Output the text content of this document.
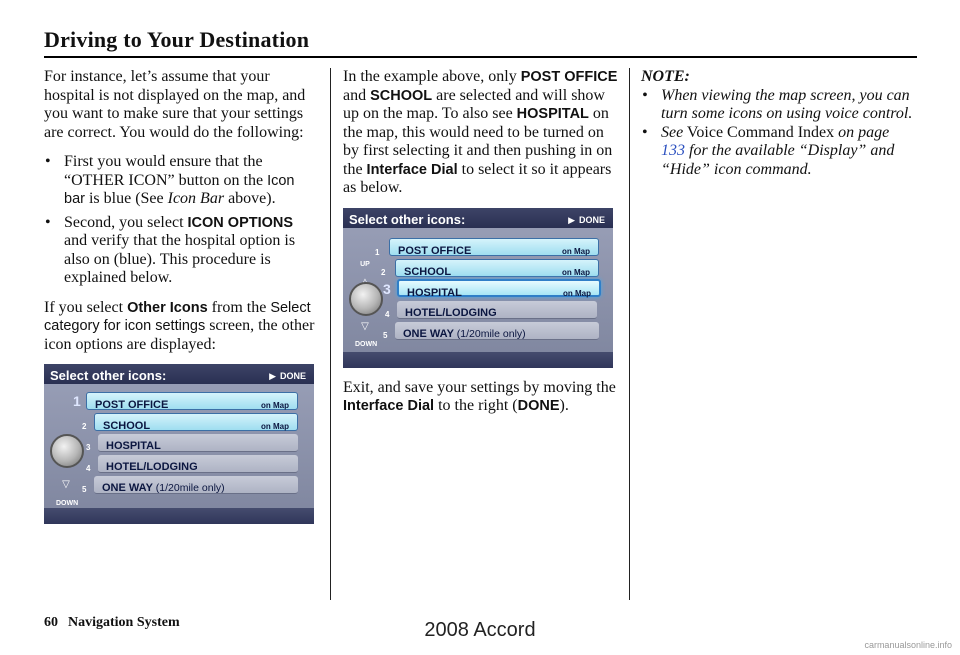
Driving to Your Destination

For instance, let’s assume that your hospital is not displayed on the map, and you want to make sure that your settings are correct. You would do the following:

• First you would ensure that the “OTHER ICON” button on the Icon bar is blue (See Icon Bar above).

• Second, you select ICON OPTIONS and verify that the hospital option is also on (blue). This procedure is explained below.

If you select Other Icons from the Select category for icon settings screen, the other icon options are displayed:

Select other icons:	▶ DONE
▽
DOWN
1	POST OFFICE	on Map
2	SCHOOL	on Map
3	HOSPITAL
4	HOTEL/LODGING
5	ONE WAY (1/20mile only)

In the example above, only POST OFFICE and SCHOOL are selected and will show up on the map. To also see HOSPITAL on the map, this would need to be turned on by first selecting it and then pushing in on the Interface Dial to select it so it appears as below.

Select other icons:	▶ DONE
UP
▽
DOWN
1	POST OFFICE	on Map
2	SCHOOL	on Map
3	HOSPITAL	on Map
4	HOTEL/LODGING
5	ONE WAY (1/20mile only)

Exit, and save your settings by moving the Interface Dial to the right (DONE).

NOTE:

• When viewing the map screen, you can turn some icons on using voice control.

• See Voice Command Index on page 133 for the available “Display” and “Hide” icon command.

60 Navigation System	2008 Accord
carmanualsonline.info
